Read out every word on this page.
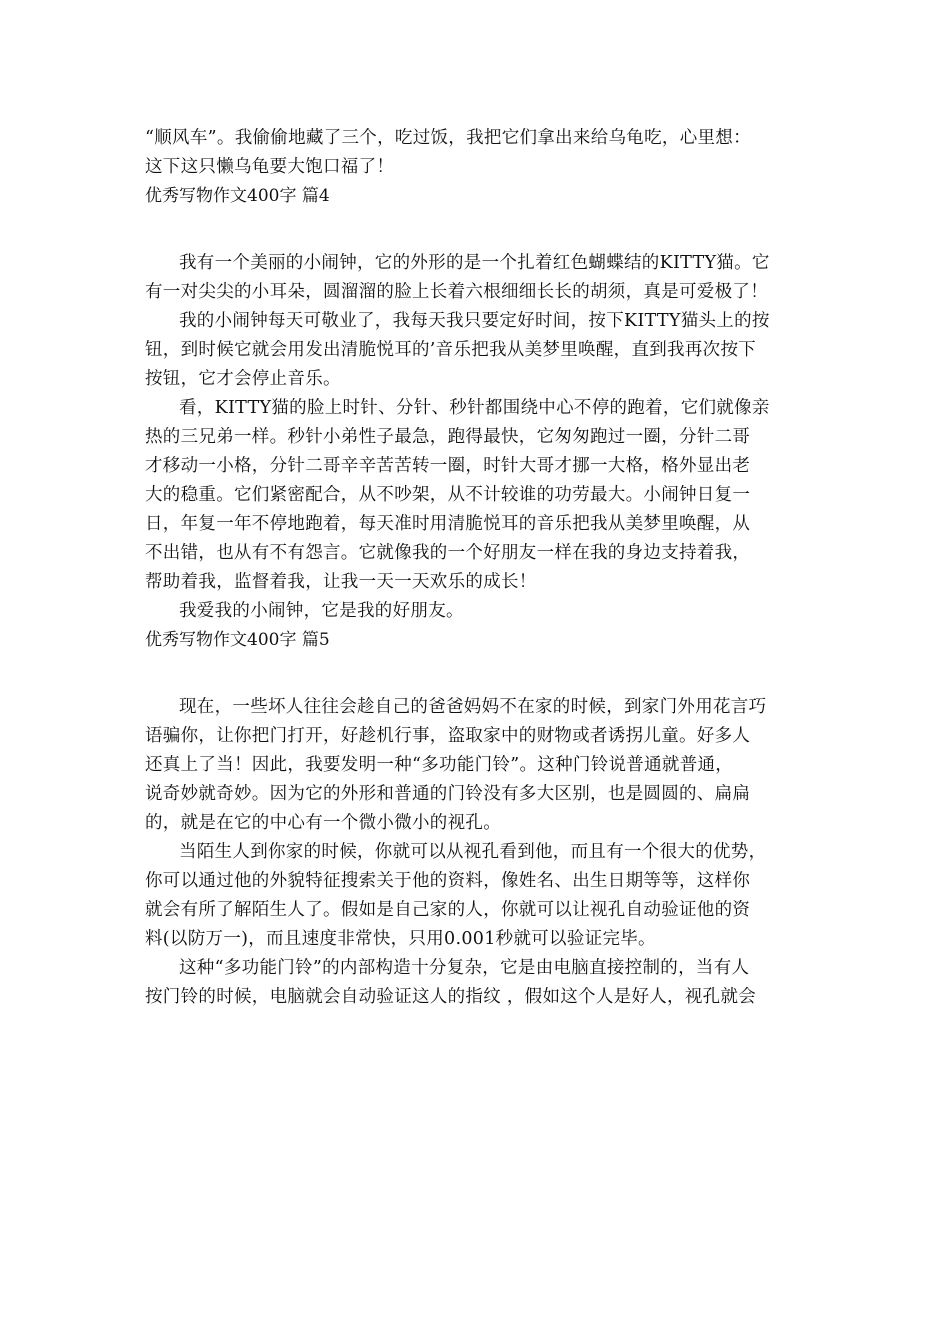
“顺风车”。我偷偷地藏了三个，吃过饭，我把它们拿出来给乌龟吃，心里想：
这下这只懒乌龟要大饱口福了！
优秀写物作文400字 篇4
我有一个美丽的小闹钟，它的外形的是一个扎着红色蝴蝶结的KITTY猫。它
有一对尖尖的小耳朵，圆溜溜的脸上长着六根细细长长的胡须，真是可爱极了！
我的小闹钟每天可敬业了，我每天我只要定好时间，按下KITTY猫头上的按
钮，到时候它就会用发出清脆悦耳的’音乐把我从美梦里唤醒，直到我再次按下
按钮，它才会停止音乐。
看，KITTY猫的脸上时针、分针、秒针都围绕中心不停的跑着，它们就像亲
热的三兄弟一样。秒针小弟性子最急，跑得最快，它匆匆跑过一圈，分针二哥
才移动一小格，分针二哥辛辛苦苦转一圈，时针大哥才挪一大格，格外显出老
大的稳重。它们紧密配合，从不吵架，从不计较谁的功劳最大。小闹钟日复一
日，年复一年不停地跑着，每天准时用清脆悦耳的音乐把我从美梦里唤醒，从
不出错，也从有不有怨言。它就像我的一个好朋友一样在我的身边支持着我，
帮助着我，监督着我，让我一天一天欢乐的成长！
我爱我的小闹钟，它是我的好朋友。
优秀写物作文400字 篇5
现在，一些坏人往往会趁自己的爸爸妈妈不在家的时候，到家门外用花言巧
语骗你，让你把门打开，好趁机行事，盗取家中的财物或者诱拐儿童。好多人
还真上了当！因此，我要发明一种“多功能门铃”。这种门铃说普通就普通，
说奇妙就奇妙。因为它的外形和普通的门铃没有多大区别，也是圆圆的、扁扁
的，就是在它的中心有一个微小微小的视孔。
当陌生人到你家的时候，你就可以从视孔看到他，而且有一个很大的优势，
你可以通过他的外貌特征搜索关于他的资料，像姓名、出生日期等等，这样你
就会有所了解陌生人了。假如是自己家的人，你就可以让视孔自动验证他的资
料(以防万一)，而且速度非常快，只用0.001秒就可以验证完毕。
这种“多功能门铃”的内部构造十分复杂，它是由电脑直接控制的，当有人
按门铃的时候，电脑就会自动验证这人的指纹 ，假如这个人是好人，视孔就会
